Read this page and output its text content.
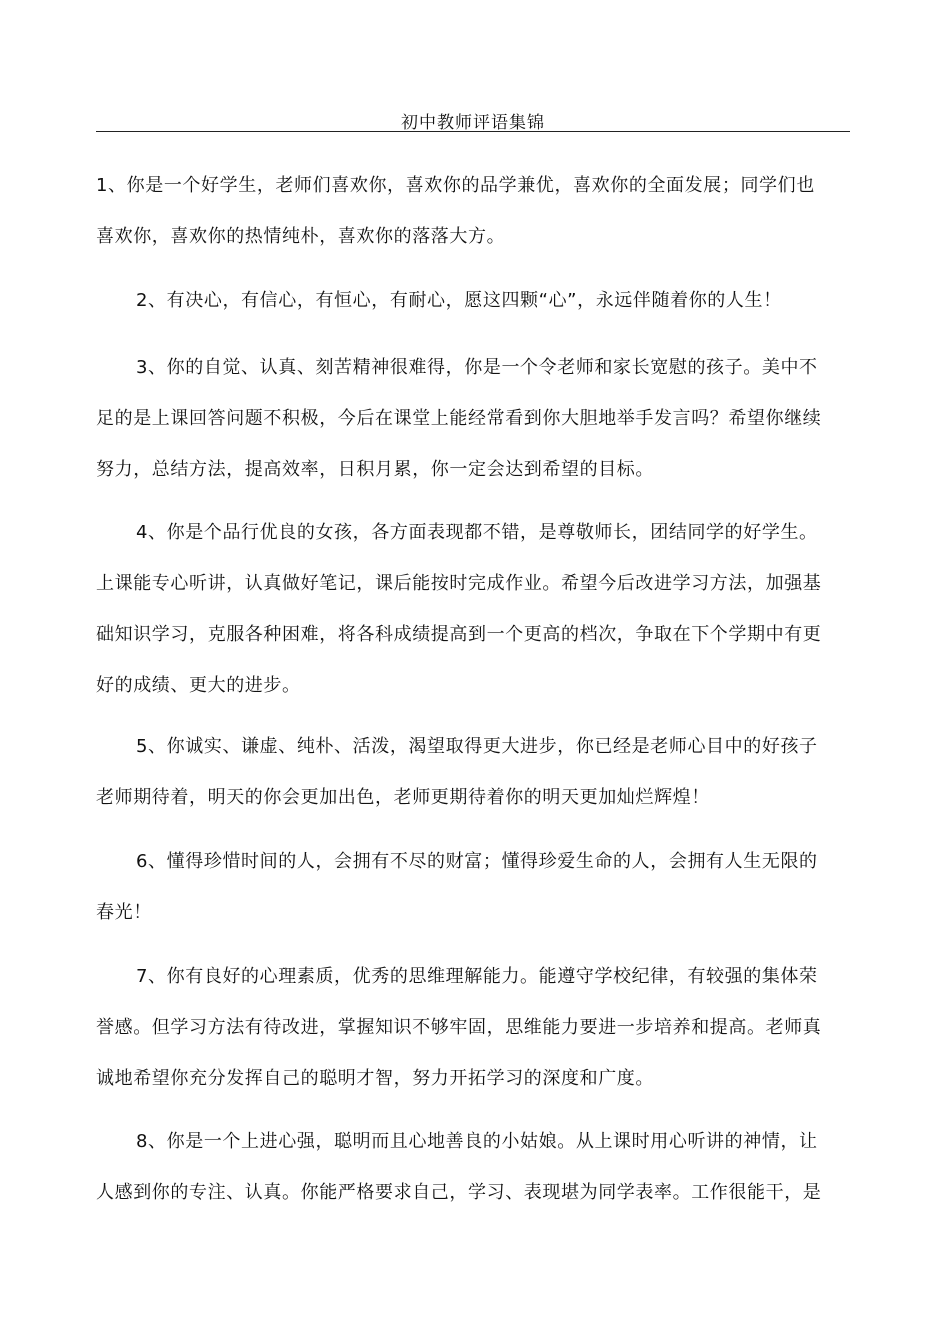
初中教师评语集锦
1、你是一个好学生，老师们喜欢你，喜欢你的品学兼优，喜欢你的全面发展；同学们也
喜欢你，喜欢你的热情纯朴，喜欢你的落落大方。
2、有决心，有信心，有恒心，有耐心，愿这四颗“心”，永远伴随着你的人生！
3、你的自觉、认真、刻苦精神很难得，你是一个令老师和家长宽慰的孩子。美中不
足的是上课回答问题不积极，今后在课堂上能经常看到你大胆地举手发言吗？希望你继续
努力，总结方法，提高效率，日积月累，你一定会达到希望的目标。
4、你是个品行优良的女孩，各方面表现都不错，是尊敬师长，团结同学的好学生。
上课能专心听讲，认真做好笔记，课后能按时完成作业。希望今后改进学习方法，加强基
础知识学习，克服各种困难，将各科成绩提高到一个更高的档次，争取在下个学期中有更
好的成绩、更大的进步。
5、你诚实、谦虚、纯朴、活泼，渴望取得更大进步，你已经是老师心目中的好孩子
老师期待着，明天的你会更加出色，老师更期待着你的明天更加灿烂辉煌！
6、懂得珍惜时间的人，会拥有不尽的财富；懂得珍爱生命的人，会拥有人生无限的
春光！
7、你有良好的心理素质，优秀的思维理解能力。能遵守学校纪律，有较强的集体荣
誉感。但学习方法有待改进，掌握知识不够牢固，思维能力要进一步培养和提高。老师真
诚地希望你充分发挥自己的聪明才智，努力开拓学习的深度和广度。
8、你是一个上进心强，聪明而且心地善良的小姑娘。从上课时用心听讲的神情，让
人感到你的专注、认真。你能严格要求自己，学习、表现堪为同学表率。工作很能干，是
